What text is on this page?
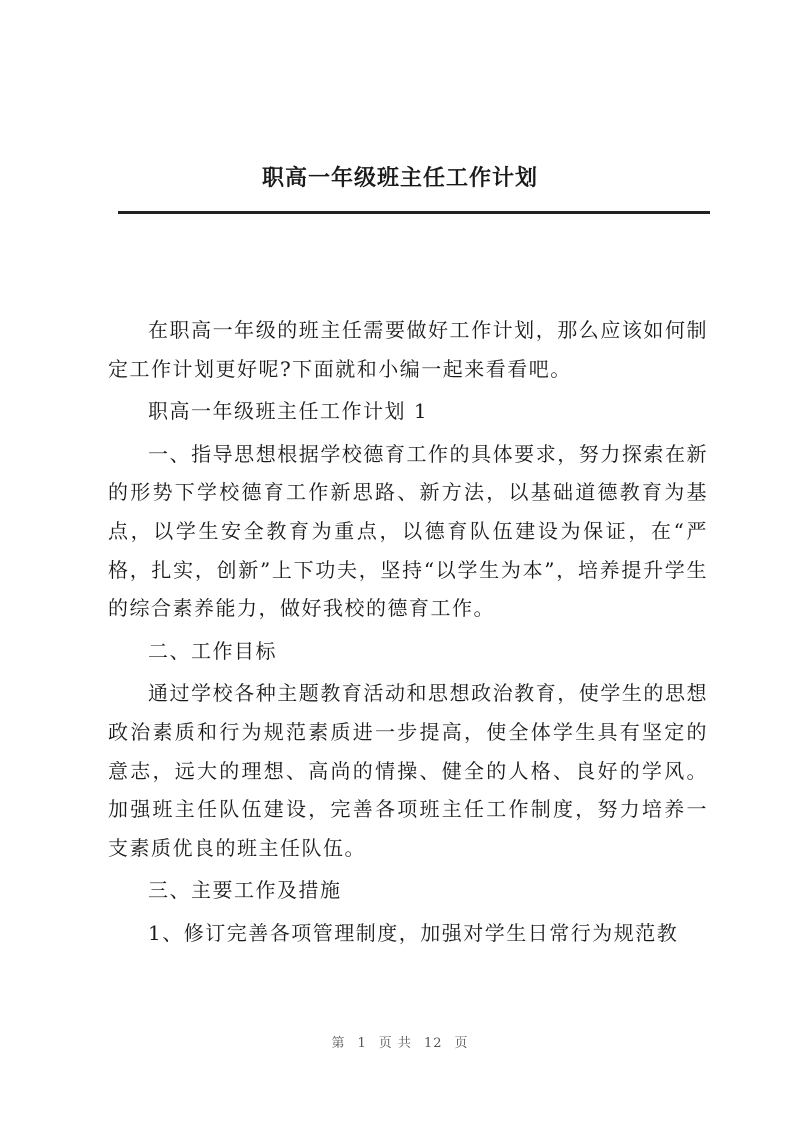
职高一年级班主任工作计划

在职高一年级的班主任需要做好工作计划，那么应该如何制定工作计划更好呢?下面就和小编一起来看看吧。

职高一年级班主任工作计划 1

一、指导思想根据学校德育工作的具体要求，努力探索在新的形势下学校德育工作新思路、新方法，以基础道德教育为基点，以学生安全教育为重点，以德育队伍建设为保证，在“严格，扎实，创新”上下功夫，坚持“以学生为本”，培养提升学生的综合素养能力，做好我校的德育工作。

二、工作目标

通过学校各种主题教育活动和思想政治教育，使学生的思想政治素质和行为规范素质进一步提高，使全体学生具有坚定的意志，远大的理想、高尚的情操、健全的人格、良好的学风。加强班主任队伍建设，完善各项班主任工作制度，努力培养一支素质优良的班主任队伍。

三、主要工作及措施

1、修订完善各项管理制度，加强对学生日常行为规范教

第 1 页 共 12 页
